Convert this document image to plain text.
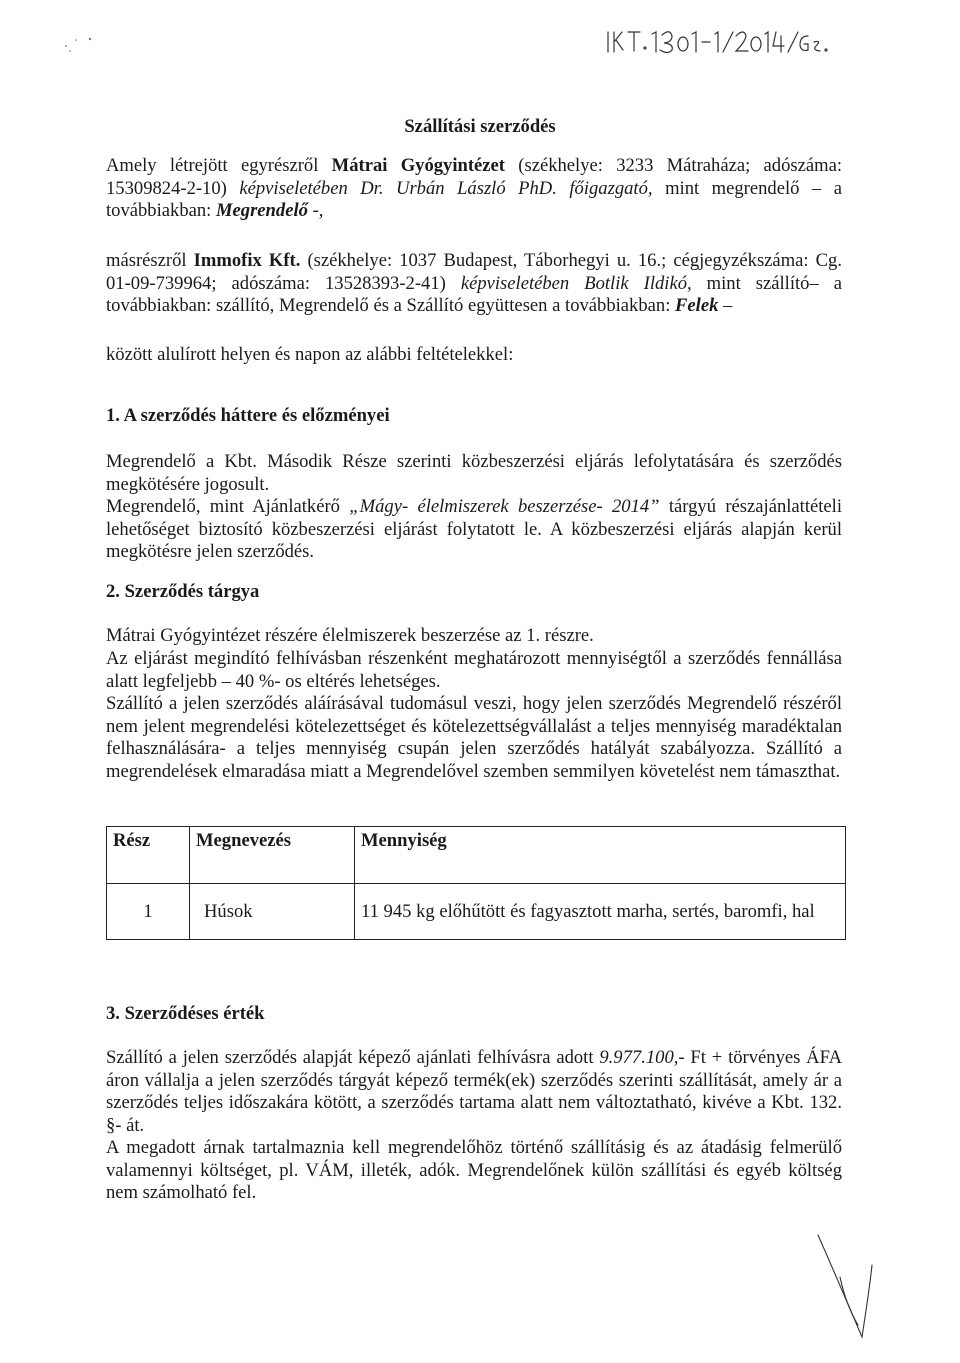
Szállítási szerződés

Amely létrejött egyrészről Mátrai Gyógyintézet (székhelye: 3233 Mátraháza; adószáma: 15309824-2-10) képviseletében Dr. Urbán László PhD. főigazgató, mint megrendelő – a továbbiakban: Megrendelő -,

másrészről Immofix Kft. (székhelye: 1037 Budapest, Táborhegyi u. 16.; cégjegyzékszáma: Cg. 01-09-739964; adószáma: 13528393-2-41) képviseletében Botlik Ildikó, mint szállító– a továbbiakban: szállító, Megrendelő és a Szállító együttesen a továbbiakban: Felek –

között alulírott helyen és napon az alábbi feltételekkel:

1. A szerződés háttere és előzményei

Megrendelő a Kbt. Második Része szerinti közbeszerzési eljárás lefolytatására és szerződés megkötésére jogosult.

Megrendelő, mint Ajánlatkérő „Mágy- élelmiszerek beszerzése- 2014” tárgyú részajánlattételi lehetőséget biztosító közbeszerzési eljárást folytatott le. A közbeszerzési eljárás alapján kerül megkötésre jelen szerződés.

2. Szerződés tárgya

Mátrai Gyógyintézet részére élelmiszerek beszerzése az 1. részre.

Az eljárást megindító felhívásban részenként meghatározott mennyiségtől a szerződés fennállása alatt legfeljebb – 40 %- os eltérés lehetséges.

Szállító a jelen szerződés aláírásával tudomásul veszi, hogy jelen szerződés Megrendelő részéről nem jelent megrendelési kötelezettséget és kötelezettségvállalást a teljes mennyiség maradéktalan felhasználására- a teljes mennyiség csupán jelen szerződés hatályát szabályozza. Szállító a megrendelések elmaradása miatt a Megrendelővel szemben semmilyen követelést nem támaszthat.

Rész	Megnevezés	Mennyiség
1	Húsok	11 945 kg előhűtött és fagyasztott marha, sertés, baromfi, hal
3. Szerződéses érték

Szállító a jelen szerződés alapját képező ajánlati felhívásra adott 9.977.100,- Ft + törvényes ÁFA áron vállalja a jelen szerződés tárgyát képező termék(ek) szerződés szerinti szállítását, amely ár a szerződés teljes időszakára kötött, a szerződés tartama alatt nem változtatható, kivéve a Kbt. 132. §- át.

A megadott árnak tartalmaznia kell megrendelőhöz történő szállításig és az átadásig felmerülő valamennyi költséget, pl. VÁM, illeték, adók. Megrendelőnek külön szállítási és egyéb költség nem számolható fel.
